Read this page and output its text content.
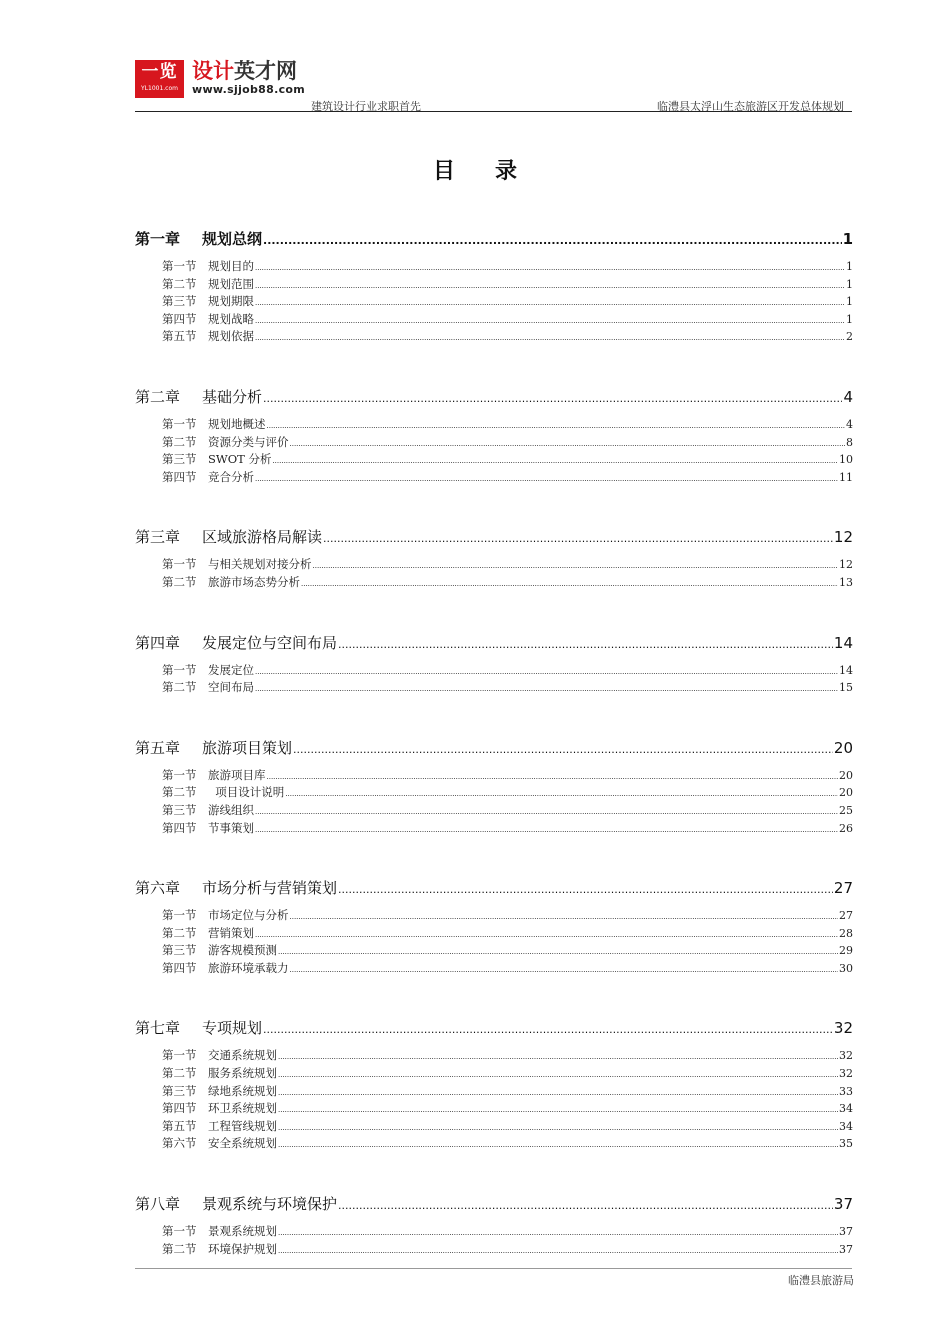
一览
YL1001.com
设计英才网
www.sjjob88.com
建筑设计行业求职首先	临澧县太浮山生态旅游区开发总体规划
目录
第一章	规划总纲 .....	1
第一节	规划目的 .....	1
第二节	规划范围 .....	1
第三节	规划期限 .....	1
第四节	规划战略 .....	1
第五节	规划依据 .....	2
第二章	基础分析 .....	4
第一节	规划地概述 .....	4
第二节	资源分类与评价 .....	8
第三节	SWOT 分析 .....	10
第四节	竞合分析 .....	11
第三章	区域旅游格局解读 .....	12
第一节	与相关规划对接分析 .....	12
第二节	旅游市场态势分析 .....	13
第四章	发展定位与空间布局 .....	14
第一节	发展定位 .....	14
第二节	空间布局 .....	15
第五章	旅游项目策划 .....	20
第一节	旅游项目库 .....	20
第二节	项目设计说明 .....	20
第三节	游线组织 .....	25
第四节	节事策划 .....	26
第六章	市场分析与营销策划 .....	27
第一节	市场定位与分析 .....	27
第二节	营销策划 .....	28
第三节	游客规模预测 .....	29
第四节	旅游环境承载力 .....	30
第七章	专项规划 .....	32
第一节	交通系统规划 .....	32
第二节	服务系统规划 .....	32
第三节	绿地系统规划 .....	33
第四节	环卫系统规划 .....	34
第五节	工程管线规划 .....	34
第六节	安全系统规划 .....	35
第八章	景观系统与环境保护 .....	37
第一节	景观系统规划 .....	37
第二节	环境保护规划 .....	37
临澧县旅游局
